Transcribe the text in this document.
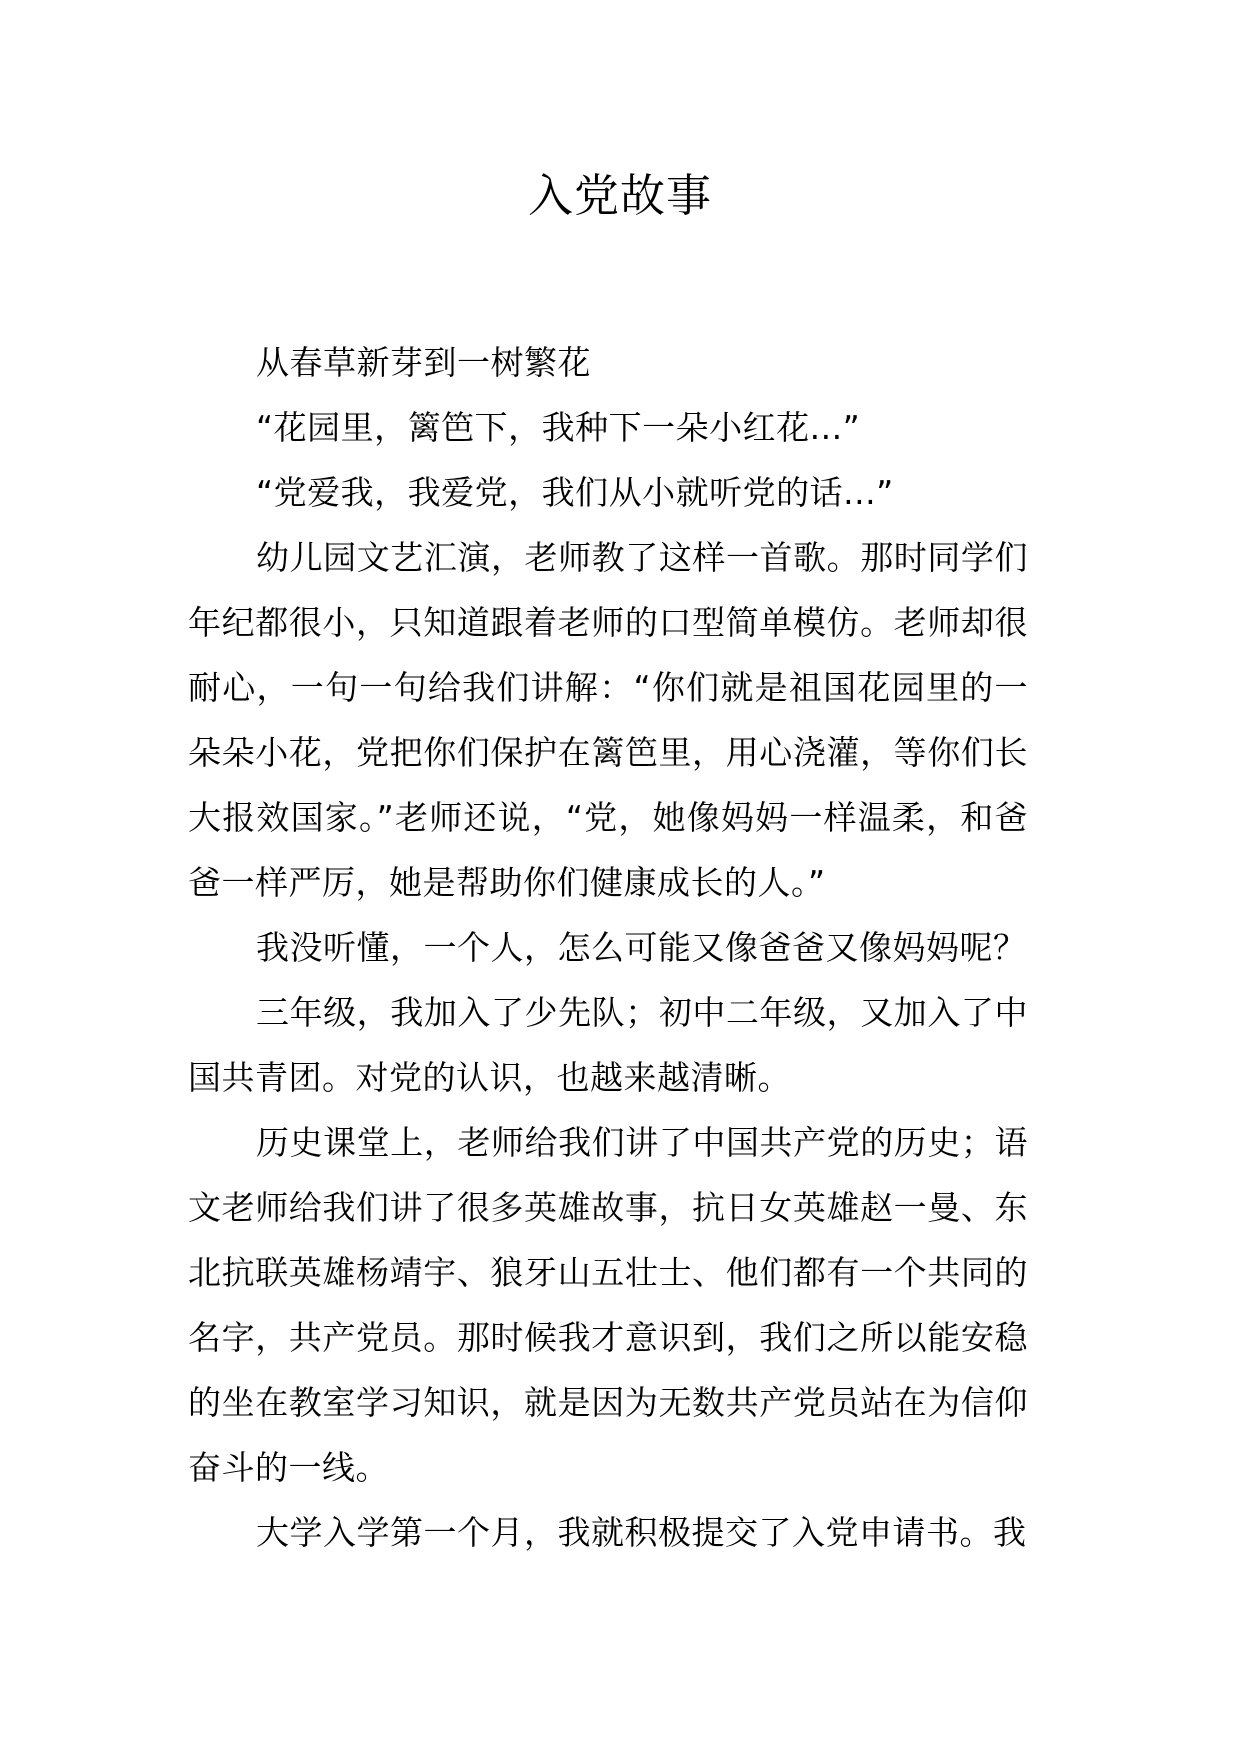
入党故事

从春草新芽到一树繁花

“花园里，篱笆下，我种下一朵小红花...”

“党爱我，我爱党，我们从小就听党的话...”

幼儿园文艺汇演，老师教了这样一首歌。那时同学们年纪都很小，只知道跟着老师的口型简单模仿。老师却很耐心，一句一句给我们讲解：“你们就是祖国花园里的一朵朵小花，党把你们保护在篱笆里，用心浇灌，等你们长大报效国家。”老师还说，“党，她像妈妈一样温柔，和爸爸一样严厉，她是帮助你们健康成长的人。”

我没听懂，一个人，怎么可能又像爸爸又像妈妈呢？

三年级，我加入了少先队；初中二年级，又加入了中国共青团。对党的认识，也越来越清晰。

历史课堂上，老师给我们讲了中国共产党的历史；语文老师给我们讲了很多英雄故事，抗日女英雄赵一曼、东北抗联英雄杨靖宇、狼牙山五壮士、他们都有一个共同的名字，共产党员。那时候我才意识到，我们之所以能安稳的坐在教室学习知识，就是因为无数共产党员站在为信仰奋斗的一线。

大学入学第一个月，我就积极提交了入党申请书。我
